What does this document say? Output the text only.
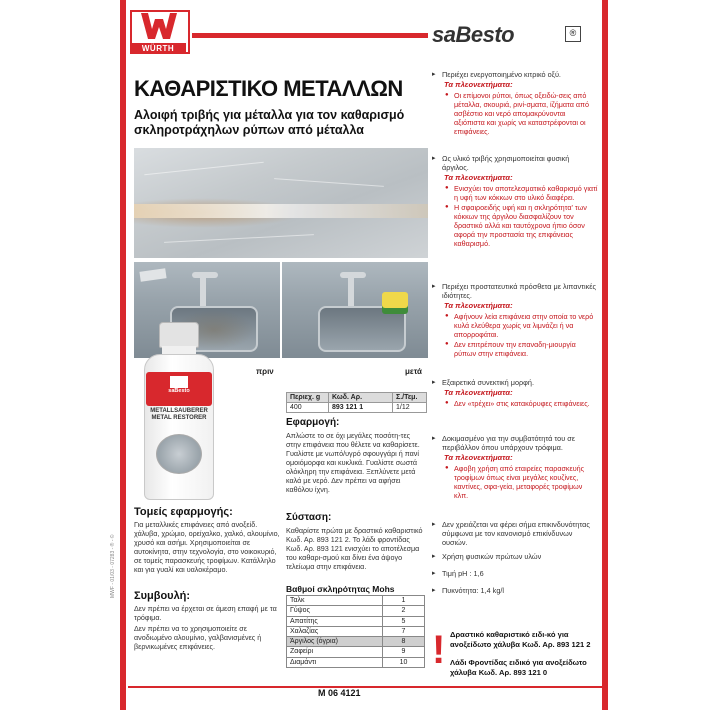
WÜRTH
saBesto	®
ΚΑΘΑΡΙΣΤΙΚΟ ΜΕΤΑΛΛΩΝ
Αλοιφή τριβής για μέταλλα για τον καθαρισμό σκληροτράχηλων ρύπων από μέταλλα
saBesto
METALLSAUBERER
METAL RESTORER
πριν	μετά
Περιεχ. g	Κωδ. Αρ.	Σ./Τεμ.
400	893 121 1	1/12
Εφαρμογή:
Απλώστε το σε όχι μεγάλες ποσότη-τες στην επιφάνεια που θέλετε να καθαρίσετε. Γυαλίστε με νωπό/υγρό σφουγγάρι ή πανί ομοιόμορφα και κυκλικά. Γυαλίστε σωστά ολόκληρη την επιφάνεια. Ξεπλύνετε μετά καλά με νερό. Δεν πρέπει να αφήσει καθόλου ίχνη.
Σύσταση:
Καθαρίστε πρώτα με δραστικό καθαριστικό Κωδ. Αρ. 893 121 2. Το λάδι φροντίδας Κωδ. Αρ. 893 121 ενισχύει το αποτέλεσμα του καθαρι-σμού και δίνει ένα άψογο τελείωμα στην επιφάνεια.
Βαθμοί σκληρότητας Mohs
Ταλκ	1
Γύψος	2
Απατίτης	5
Χαλαζίας	7
Άργιλος (όγρια)	8
Ζαφείρι	9
Διαμάντι	10
Τομείς εφαρμογής:
Για μεταλλικές επιφάνειες από ανοξείδ. χάλυβα, χρώμιο, ορείχαλκο, χαλκό, αλουμίνιο, χρυσό και ασήμι. Χρησιμοποιείται σε αυτοκίνητα, στην τεχνολογία, στο νοικοκυριό, σε τομείς παρασκευής τροφίμων. Κατάλληλο και για γυαλί και υαλοκέραμο.
Συμβουλή:
Δεν πρέπει να έρχεται σε άμεση επαφή με τα τρόφιμα.
Δεν πρέπει να το χρησιμοποιείτε σε ανοδιωμένο αλουμίνιο, γαλβανισμένες ή βερνικωμένες επιφάνειες.
▸ Περιέχει ενεργοποιημένο κιτρικό οξύ.
Τα πλεονεκτήματα:
● Οι επίμονοι ρύποι, όπως οξειδώ-σεις από μέταλλα, σκουριά, ρινί-σματα, ίζήματα από ασβέστιο και νερό απομακρύνονται αξιόπιστα και χωρίς να καταστρέφονται οι επιφάνειες.
▸ Ως υλικό τριβής χρησιμοποιείται φυσική άργιλος.
Τα πλεονεκτήματα:
● Ενισχύει τον αποτελεσματικό καθαρισμό γιατί η υφή των κόκκων στο υλικό διαφέρει.
● Η σφαιροειδής υφή και η σκληρότητα' των κόκκων της άργιλου διασφαλίζουν τον δραστικό αλλά και ταυτόχρονα ήπιο όσον αφορά την προστασία της επιφάνειας καθαρισμό.
▸ Περιέχει προστατευτικά πρόσθετα με λιπαντικές ιδιότητες.
Τα πλεονεκτήματα:
● Αφήνουν λεία επιφάνεια στην οποία το νερό κυλά ελεύθερα χωρίς να λιμνάζει ή να απορροφάται.
● Δεν επιτρέπουν την επαναδη-μιουργία ρύπων στην επιφάνεια.
▸ Εξαιρετικά συνεκτική μορφή.
Τα πλεονεκτήματα:
● Δεν «τρέχει» στις κατακόρυφες επιφάνειες.
▸ Δοκιμασμένο για την συμβατότητά του σε περιβάλλον όπου υπάρχουν τρόφιμα.
Τα πλεονεκτήματα:
● Αφοβη χρήση από εταιρείες παρασκευής τροφίμων όπως είναι μεγάλες κουζίνες, καντίνες, σφα-γεία, μεταφορές τροφίμων κλπ.
▸ Δεν χρειάζεται να φέρει σήμα επικινδυνότητας σύμφωνα με τον κανονισμό επικίνδυνων ουσιών.
▸ Χρήση φυσικών πρώτων υλών
▸ Τιμή pH : 1,6
▸ Πυκνότητα: 1,4 kg/l
! Δραστικό καθαριστικό ειδι-κό για ανοξείδωτο χάλυβα Κωδ. Αρ. 893 121 2
Λάδι Φροντίδας ειδικό για ανοξείδωτο χάλυβα Κωδ. Αρ. 893 121 0
M 06 4121
MWF - 01/03 - 07283 - ® - ©
